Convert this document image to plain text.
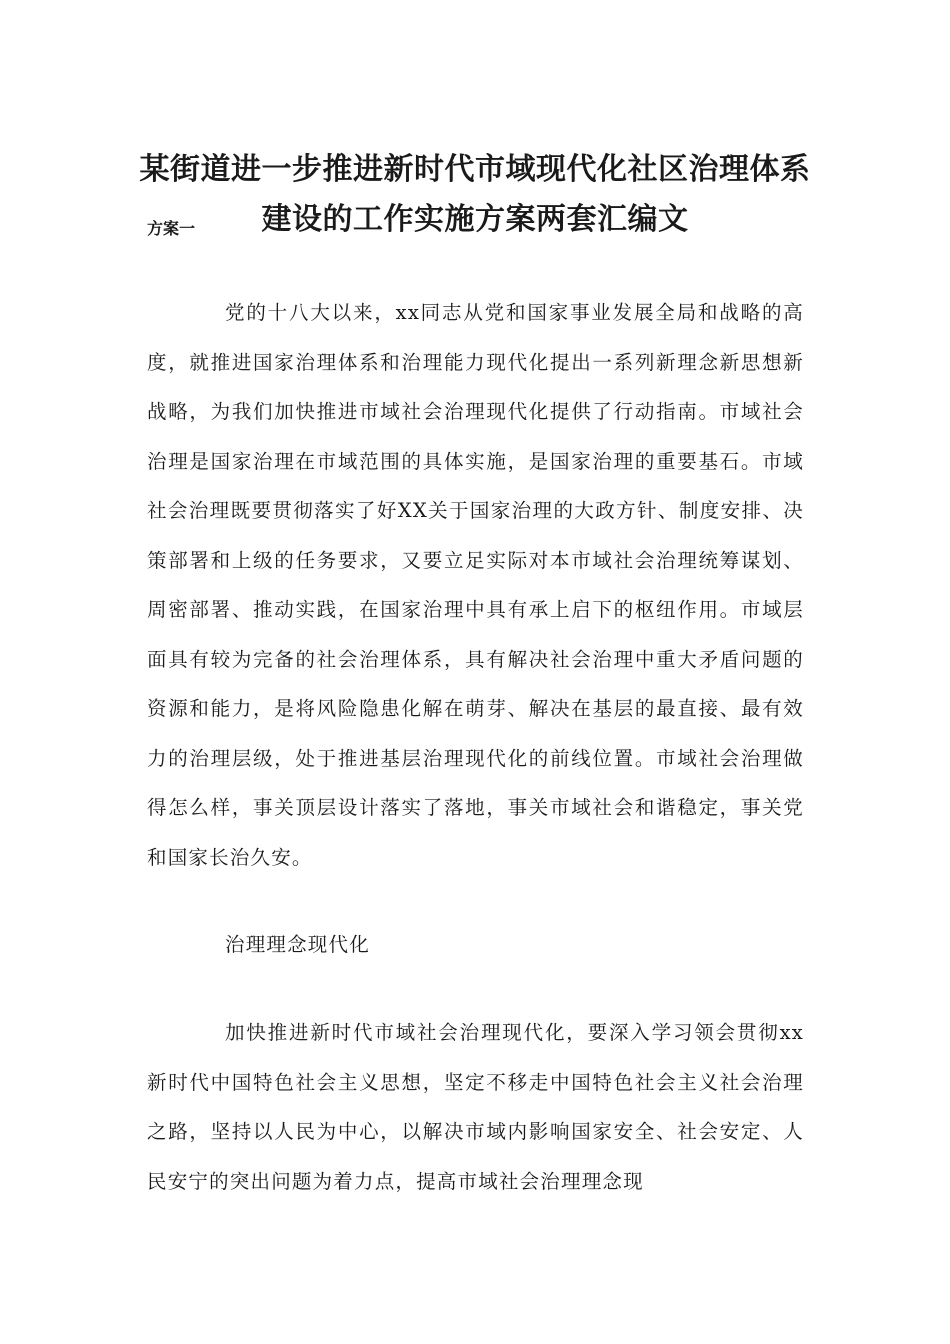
某街道进一步推进新时代市域现代化社区治理体系建设的工作实施方案两套汇编文

方案一

党的十八大以来，xx同志从党和国家事业发展全局和战略的高度，就推进国家治理体系和治理能力现代化提出一系列新理念新思想新战略，为我们加快推进市域社会治理现代化提供了行动指南。市域社会治理是国家治理在市域范围的具体实施，是国家治理的重要基石。市域社会治理既要贯彻落实了好XX关于国家治理的大政方针、制度安排、决策部署和上级的任务要求，又要立足实际对本市域社会治理统筹谋划、周密部署、推动实践，在国家治理中具有承上启下的枢纽作用。市域层面具有较为完备的社会治理体系，具有解决社会治理中重大矛盾问题的资源和能力，是将风险隐患化解在萌芽、解决在基层的最直接、最有效力的治理层级，处于推进基层治理现代化的前线位置。市域社会治理做得怎么样，事关顶层设计落实了落地，事关市域社会和谐稳定，事关党和国家长治久安。

治理理念现代化

加快推进新时代市域社会治理现代化，要深入学习领会贯彻xx新时代中国特色社会主义思想，坚定不移走中国特色社会主义社会治理之路，坚持以人民为中心，以解决市域内影响国家安全、社会安定、人民安宁的突出问题为着力点，提高市域社会治理理念现
